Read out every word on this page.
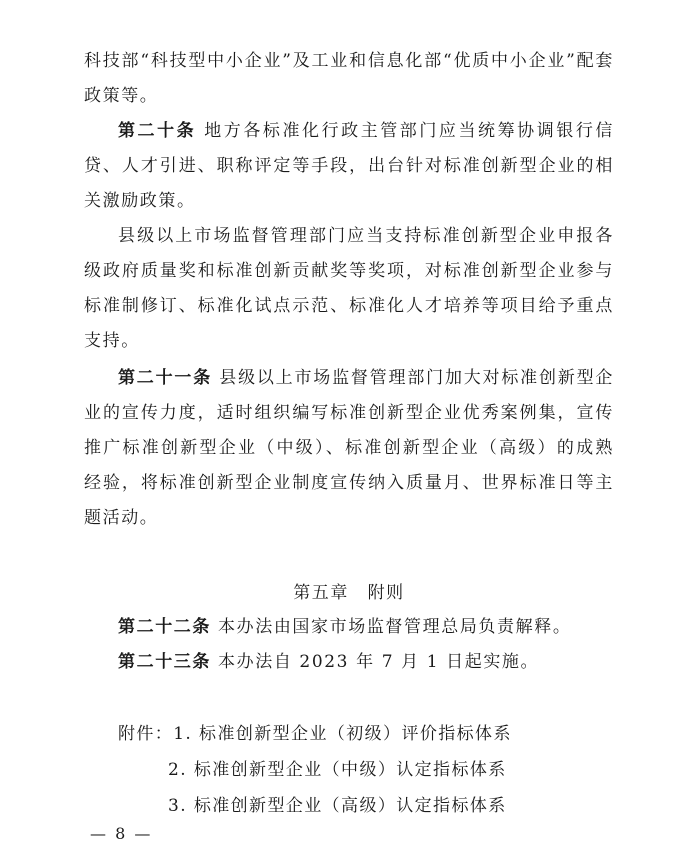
科技部“科技型中小企业”及工业和信息化部“优质中小企业”配套政策等。
第二十条 地方各标准化行政主管部门应当统筹协调银行信贷、人才引进、职称评定等手段，出台针对标准创新型企业的相关激励政策。
县级以上市场监督管理部门应当支持标准创新型企业申报各级政府质量奖和标准创新贡献奖等奖项，对标准创新型企业参与标准制修订、标准化试点示范、标准化人才培养等项目给予重点支持。
第二十一条 县级以上市场监督管理部门加大对标准创新型企业的宣传力度，适时组织编写标准创新型企业优秀案例集，宣传推广标准创新型企业（中级）、标准创新型企业（高级）的成熟经验，将标准创新型企业制度宣传纳入质量月、世界标准日等主题活动。
第五章　附则
第二十二条 本办法由国家市场监督管理总局负责解释。
第二十三条 本办法自 2023 年 7 月 1 日起实施。
附件：1. 标准创新型企业（初级）评价指标体系
2. 标准创新型企业（中级）认定指标体系
3. 标准创新型企业（高级）认定指标体系
— 8 —
